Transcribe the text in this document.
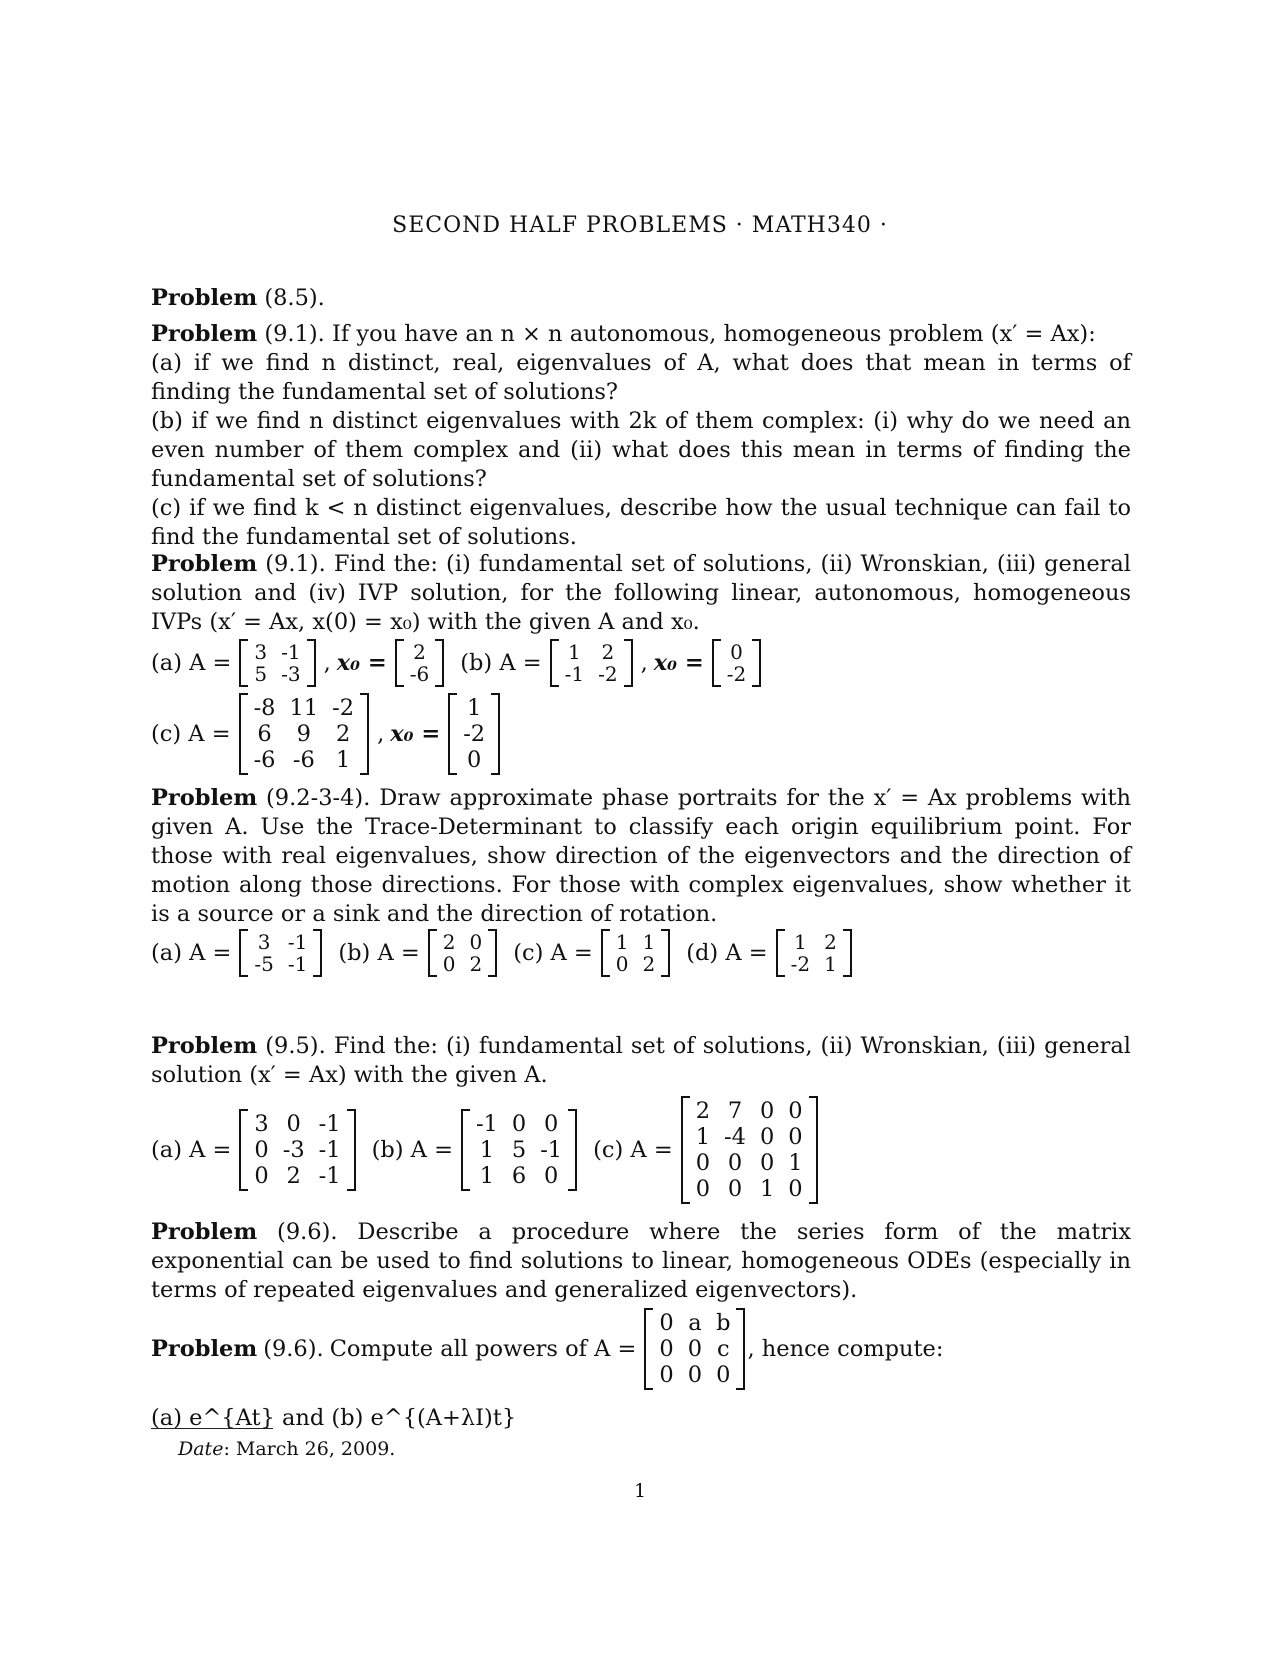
SECOND HALF PROBLEMS · MATH340 ·
Problem (8.5).
Problem (9.1). If you have an n × n autonomous, homogeneous problem (x′ = Ax):
(a) if we find n distinct, real, eigenvalues of A, what does that mean in terms of finding the fundamental set of solutions?
(b) if we find n distinct eigenvalues with 2k of them complex: (i) why do we need an even number of them complex and (ii) what does this mean in terms of finding the fundamental set of solutions?
(c) if we find k < n distinct eigenvalues, describe how the usual technique can fail to find the fundamental set of solutions.
Problem (9.1). Find the: (i) fundamental set of solutions, (ii) Wronskian, (iii) general solution and (iv) IVP solution, for the following linear, autonomous, homogeneous IVPs (x′ = Ax, x(0) = x₀) with the given A and x₀.
(a) A = 3 -1
5 -3 , x₀ = 2
-6 (b) A = 1 2
-1 -2 , x₀ = 0
-2
(c) A =
-8 11 -2
6	9	2
-6 -6 1
, x₀ =
1
-2
0
Problem (9.2-3-4). Draw approximate phase portraits for the x′ = Ax problems with given A. Use the Trace-Determinant to classify each origin equilibrium point. For those with real eigenvalues, show direction of the eigenvectors and the direction of motion along those directions. For those with complex eigenvalues, show whether it is a source or a sink and the direction of rotation.
(a) A = 3 -1
-5 -1 (b) A = 2 0
0 2 (c) A = 1 1
0 2 (d) A = 1 2
-2 1
Problem (9.5). Find the: (i) fundamental set of solutions, (ii) Wronskian, (iii) general solution (x′ = Ax) with the given A.
(a) A =
3 0 -1
0 -3 -1
0 2 -1
(b) A =
-1 0 0
1 5 -1
1 6 0
(c) A =
2 7 0 0
1 -4 0 0
0 0 0 1
0 0 1 0
Problem (9.6). Describe a procedure where the series form of the matrix exponential can be used to find solutions to linear, homogeneous ODEs (especially in terms of repeated eigenvalues and generalized eigenvectors).
Problem (9.6). Compute all powers of A =
0 a b
0 0 c
0 0 0
, hence compute:
(a) e^{At} and (b) e^{(A+λI)t}
Date: March 26, 2009.
1
